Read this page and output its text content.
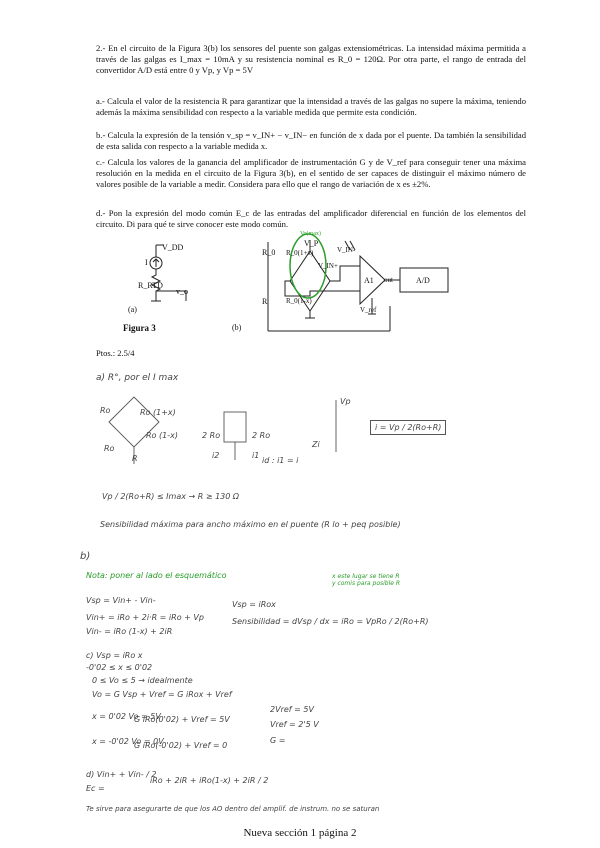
2.- En el circuito de la Figura 3(b) los sensores del puente son galgas extensiométricas. La intensidad máxima permitida a través de las galgas es I_max = 10mA y su resistencia nominal es R_0 = 120Ω. Por otra parte, el rango de entrada del convertidor A/D está entre 0 y Vp, y Vp = 5V
a.- Calcula el valor de la resistencia R para garantizar que la intensidad a través de las galgas no supere la máxima, teniendo además la máxima sensibilidad con respecto a la variable medida que permite esta condición.
b.- Calcula la expresión de la tensión v_sp = v_IN+ − v_IN− en función de x dada por el puente. Da también la sensibilidad de esta salida con respecto a la variable medida x.
c.- Calcula los valores de la ganancia del amplificador de instrumentación G y de V_ref para conseguir tener una máxima resolución en la medida en el circuito de la Figura 3(b), en el sentido de ser capaces de distinguir el máximo número de valores posible de la variable a medir. Considera para ello que el rango de variación de x es ±2%.
d.- Pon la expresión del modo común E_c de las entradas del amplificador diferencial en función de los elementos del circuito. Di para qué te sirve conocer este modo común.
V_DD
I
R_RTD
v_o
(a)
Figura 3
R_0 R_0(1+x)
R_0(1-x)
R
V_P
V_IN+
V_IN-
A1 out	A/D
V_ref
Vo(max)
(b)
Ptos.: 2.5/4
a) R°, por el I max
Ro	Ro (1+x)
Ro (1-x)
Ro
R
2 Ro	2 Ro
i2	i1
id : i1 = i
Vp
Zi
i = Vp / 2(Ro+R)
Vp / 2(Ro+R) ≤ Imax → R ≥ 130 Ω
Sensibilidad máxima para ancho máximo en el puente (R lo + peq posible)
b)
Nota: poner al lado el esquemático	x este lugar se tiene R y comis para posible R
Vsp = Vin+ - Vin-
Vin+ = iRo + 2i·R = iRo + Vp
Vin- = iRo (1-x) + 2iR
Vsp = iRox
Sensibilidad = dVsp / dx = iRo = VpRo / 2(Ro+R)
c) Vsp = iRo x
-0'02 ≤ x ≤ 0'02
0 ≤ Vo ≤ 5 → idealmente
Vo = G Vsp + Vref = G iRox + Vref
x = 0'02 Vo = 5V
G iRo(0'02) + Vref = 5V
x = -0'02 Vo = 0V
G iRo(-0'02) + Vref = 0
2Vref = 5V
Vref = 2'5 V
G =
d) Vin+ + Vin- / 2
Ec =
iRo + 2iR + iRo(1-x) + 2iR / 2
Te sirve para asegurarte de que los AO dentro del amplif. de instrum. no se saturan
Nueva sección 1 página 2
